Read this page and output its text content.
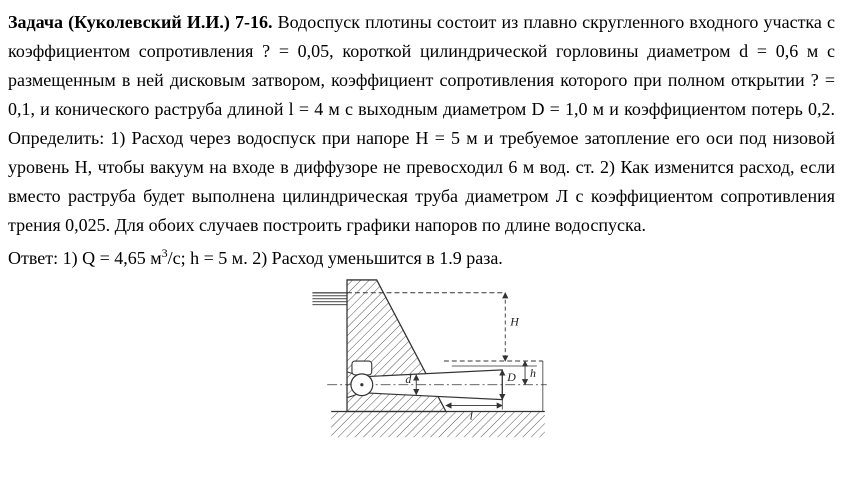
Задача (Куколевский И.И.) 7-16. Водоспуск плотины состоит из плавно скругленного входного участка с коэффициентом сопротивления ? = 0,05, короткой цилиндрической горловины диаметром d = 0,6 м с размещенным в ней дисковым затвором, коэффициент сопротивления которого при полном открытии ? = 0,1, и конического раструба длиной l = 4 м с выходным диаметром D = 1,0 м и коэффициентом потерь 0,2. Определить: 1) Расход через водоспуск при напоре H = 5 м и требуемое затопление его оси под низовой уровень H, чтобы вакуум на входе в диффузоре не превосходил 6 м вод. ст. 2) Как изменится расход, если вместо раструба будет выполнена цилиндрическая труба диаметром Л с коэффициентом сопротивления трения 0,025. Для обоих случаев построить графики напоров по длине водоспуска.

Ответ: 1) Q = 4,65 $м^3/с$; h = 5 м. 2) Расход уменьшится в 1.9 раза.

d	D
H
h
l
